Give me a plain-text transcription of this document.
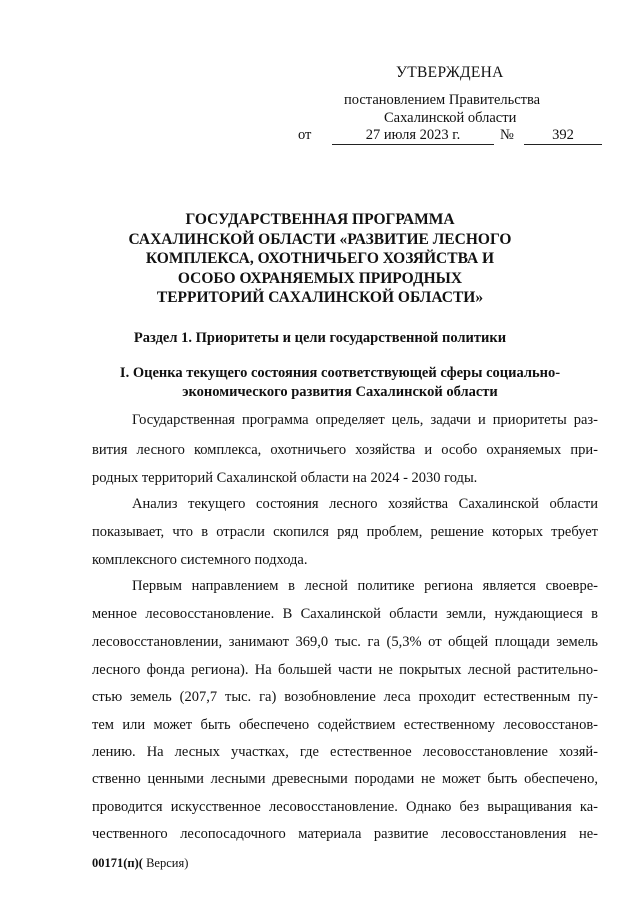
УТВЕРЖДЕНА
постановлением Правительства
Сахалинской области
от	27 июля 2023 г.	№	392
ГОСУДАРСТВЕННАЯ ПРОГРАММА
САХАЛИНСКОЙ ОБЛАСТИ «РАЗВИТИЕ ЛЕСНОГО
КОМПЛЕКСА, ОХОТНИЧЬЕГО ХОЗЯЙСТВА И
ОСОБО ОХРАНЯЕМЫХ ПРИРОДНЫХ
ТЕРРИТОРИЙ САХАЛИНСКОЙ ОБЛАСТИ»
Раздел 1. Приоритеты и цели государственной политики
I. Оценка текущего состояния соответствующей сферы социально-
экономического развития Сахалинской области
Государственная программа определяет цель, задачи и приоритеты раз-
вития лесного комплекса, охотничьего хозяйства и особо охраняемых при-
родных территорий Сахалинской области на 2024 - 2030 годы.
Анализ текущего состояния лесного хозяйства Сахалинской области
показывает, что в отрасли скопился ряд проблем, решение которых требует
комплексного системного подхода.
Первым направлением в лесной политике региона является своевре-
менное лесовосстановление. В Сахалинской области земли, нуждающиеся в
лесовосстановлении, занимают 369,0 тыс. га (5,3% от общей площади земель
лесного фонда региона). На большей части не покрытых лесной растительно-
стью земель (207,7 тыс. га) возобновление леса проходит естественным пу-
тем или может быть обеспечено содействием естественному лесовосстанов-
лению. На лесных участках, где естественное лесовосстановление хозяй-
ственно ценными лесными древесными породами не может быть обеспечено,
проводится искусственное лесовосстановление. Однако без выращивания ка-
чественного лесопосадочного материала развитие лесовосстановления не-
00171(п)( Версия)
